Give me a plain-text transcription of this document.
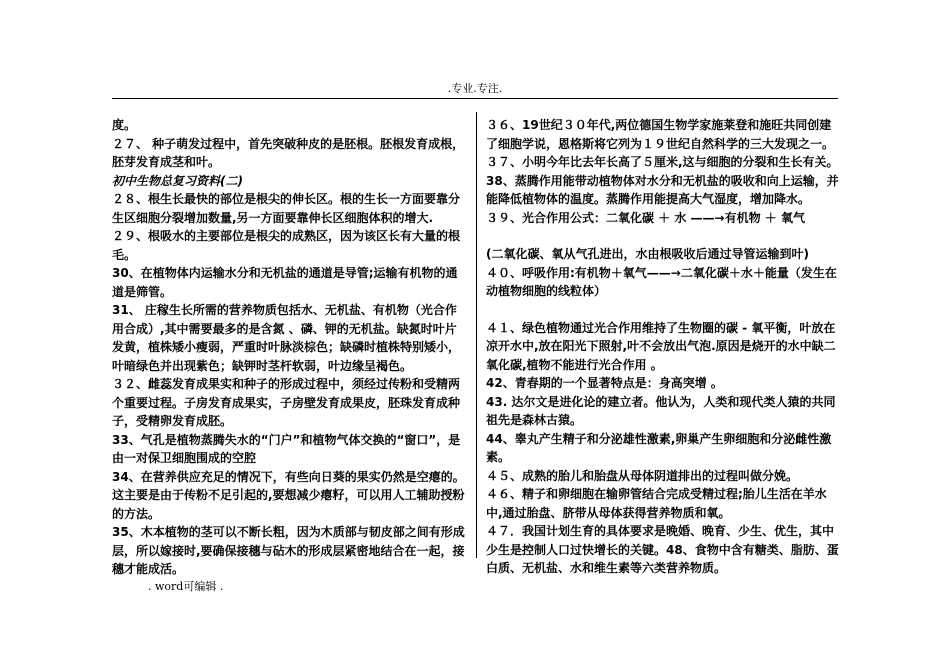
.专业.专注.

度。

２７、 种子萌发过程中，首先突破种皮的是胚根。胚根发育成根，胚芽发育成茎和叶。

初中生物总复习资料(二)

２８、根生长最快的部位是根尖的伸长区。根的生长一方面要靠分生区细胞分裂增加数量,另一方面要靠伸长区细胞体积的增大.

２９、根吸水的主要部位是根尖的成熟区，因为该区长有大量的根毛。

30、在植物体内运输水分和无机盐的通道是导管;运输有机物的通道是筛管。

31、 庄稼生长所需的营养物质包括水、无机盐、有机物（光合作用合成）,其中需要最多的是含氮 、磷、钾的无机盐。缺氮时叶片发黄，植株矮小瘦弱，严重时叶脉淡棕色；缺磷时植株特别矮小，叶暗绿色并出现紫色；缺钾时茎杆软弱，叶边缘呈褐色。

３２、雌蕊发育成果实和种子的形成过程中，须经过传粉和受精两个重要过程。子房发育成果实，子房壁发育成果皮，胚珠发育成种子，受精卵发育成胚。

33、气孔是植物蒸腾失水的“门户”和植物气体交换的“窗口”，是由一对保卫细胞围成的空腔

34、在营养供应充足的情况下，有些向日葵的果实仍然是空瘪的。这主要是由于传粉不足引起的,要想减少瘪籽，可以用人工辅助授粉的方法。

35、木本植物的茎可以不断长粗，因为木质部与韧皮部之间有形成层，所以嫁接时,要确保接穗与砧木的形成层紧密地结合在一起，接穗才能成活。

３６、19世纪３０年代,两位德国生物学家施莱登和施旺共同创建了细胞学说，恩格斯将它列为１９世纪自然科学的三大发现之一。

３７、小明今年比去年长高了５厘米,这与细胞的分裂和生长有关。

38、蒸腾作用能带动植物体对水分和无机盐的吸收和向上运输，并能降低植物体的温度。蒸腾作用能提高大气湿度，增加降水。

３９、光合作用公式：二氧化碳 ＋ 水 ——→有机物 ＋ 氧气

(二氧化碳、氧从气孔进出，水由根吸收后通过导管运输到叶)

４０、呼吸作用:有机物＋氧气——→二氧化碳＋水＋能量（发生在动植物细胞的线粒体）

４１、绿色植物通过光合作用维持了生物圈的碳 - 氧平衡，叶放在凉开水中,放在阳光下照射,叶不会放出气泡.原因是烧开的水中缺二氧化碳,植物不能进行光合作用 。

42、青春期的一个显著特点是：身高突增 。

43. 达尔文是进化论的建立者。他认为，人类和现代类人猿的共同祖先是森林古猿。

44、睾丸产生精子和分泌雄性激素,卵巢产生卵细胞和分泌雌性激素。

４５、成熟的胎儿和胎盘从母体阴道排出的过程叫做分娩。

４６、精子和卵细胞在输卵管结合完成受精过程;胎儿生活在羊水中,通过胎盘、脐带从母体获得营养物质和氧。

４７．我国计划生育的具体要求是晚婚、晚育、少生、优生，其中少生是控制人口过快增长的关键。48、食物中含有糖类、脂肪、蛋白质、无机盐、水和维生素等六类营养物质。

. word可编辑 .
